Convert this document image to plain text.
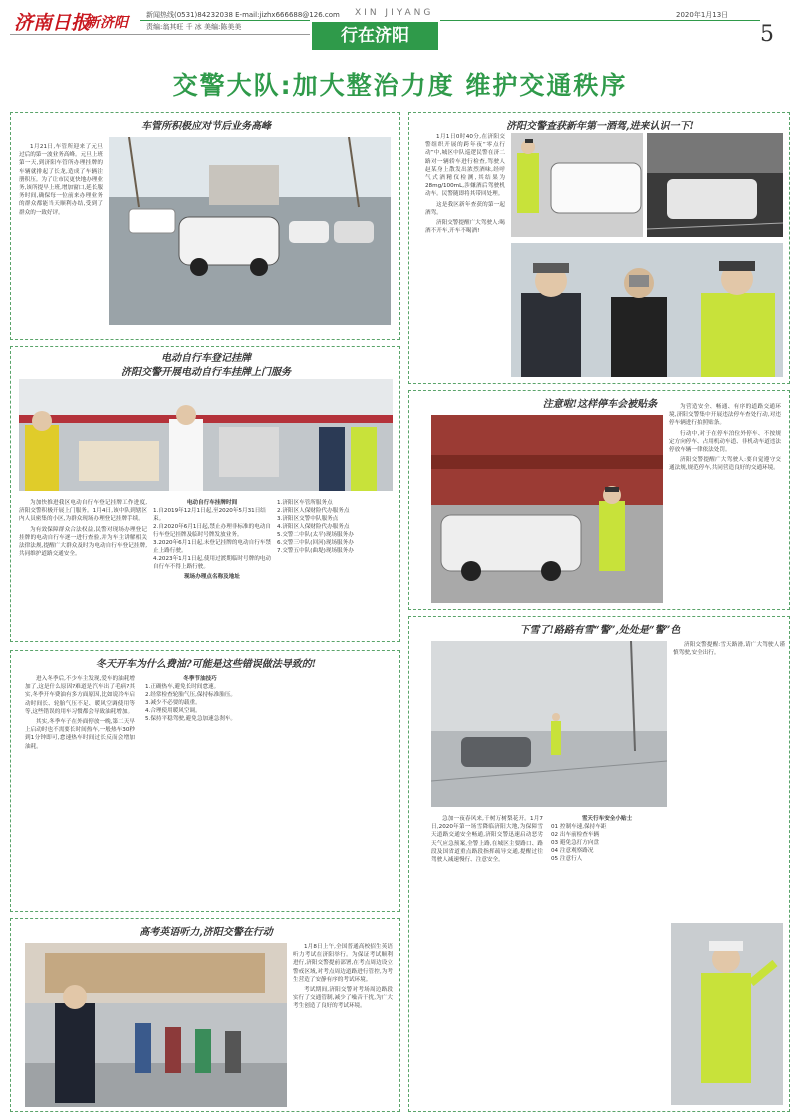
济南日报
新济阳	新闻热线(0531)84232038 E-mail:jizhx666688@126.com
责编:翁其旺 千 冰 美编:陈美美
XIN JIYANG	2020年1月13日
5
行在济阳
交警大队:加大整治力度 维护交通秩序
车管所积极应对节后业务高峰

1月21日,车管所迎来了元旦过后的第一波业务高峰。元旦上班第一天,到济阳车管所办理挂牌的车辆就排起了长龙,造成了车辆注册积压。为了让市民更快地办理业务,该所提早上班,增加窗口,延长服务时间,确保每一位前来办理业务的群众都能当天顺利办结,受到了群众的一致好评。

济阳交警查获新年第一酒驾,进来认识一下!

1月1日0时40分,在济阳交警组织开展的跨年夜“零点行动”中,城区中队巡逻民警在济二路对一辆轿车进行检查,驾驶人赵某身上散发出浓烈酒味,经呼气式酒精仪检测,其结果为28mg/100mL,涉嫌酒后驾驶机动车。民警随即将其带回处理。

这是我区新年查获的第一起酒驾。

济阳交警提醒广大驾驶人:喝酒不开车,开车不喝酒!

电动自行车登记挂牌
济阳交警开展电动自行车挂牌上门服务

为加快推进我区电动自行车登记挂牌工作进度,济阳交警积极开展上门服务。1月4日,该中队到辖区内人员密集的小区,为群众现场办理登记挂牌手续。

为有效保障群众合法权益,民警对现场办理登记挂牌的电动自行车逐一进行查验,并为车主讲解相关法律法规,提醒广大群众及时为电动自行车登记挂牌,共同维护道路交通安全。

电动自行车挂牌时间
1.自2019年12月1日起,至2020年5月31日结束。
2.自2020年6月1日起,禁止办理非标准的电动自行车登记挂牌及临时号牌发放业务。
3.2020年6月1日起,未登记挂牌的电动自行车禁止上路行驶。
4.2023年1月1日起,使用过渡期临时号牌的电动自行车不得上路行驶。
现场办理点名称及地址
1.济阳区车管所服务点
2.济阳区人保财险代办服务点
3.济阳区交警中队服务点
4.济阳区人保财险代办服务点
5.交警二中队(太平)现场服务办
6.交警三中队(回河)现场服务办
7.交警五中队(曲堤)现场服务办
注意啦!这样停车会被贴条	为营造安全、畅通、有序的道路交通环境,济阳交警集中开展违法停车查处行动,对违停车辆进行拍照贴条。

行动中,对于在停车泊位外停车、不按规定方向停车、占用机动车道、非机动车道违法停放车辆一律依法处罚。

济阳交警提醒广大驾驶人:要自觉遵守交通法规,规范停车,共同营造良好的交通环境。

冬天开车为什么费油?可能是这些错误做法导致的!

进入冬季后,不少车主发现,爱车的油耗增加了,这是什么原因?难道是汽车出了毛病?其实,冬季开车费油有多方面原因,比如说冷车启动时间长、轮胎气压不足、暖风空调使用等等,这些错误的用车习惯都会导致油耗增加。

其实,冬季车子在外面停放一晚,第二天早上启动时也不需要长时间热车,一般热车30秒到1分钟即可,怠速热车时间过长反而会增加油耗。

冬季节油技巧
1.正确热车,避免长时间怠速。
2.经常检查轮胎气压,保持标准胎压。
3.减少不必要的载重。
4.合理使用暖风空调。
5.保持平稳驾驶,避免急加速急刹车。
下雪了!路路有雪“警”,处处是“警”色

济阳交警提醒:雪天路滑,请广大驾驶人谨慎驾驶,安全出行。

急加一夜春风来,千树万树梨花开。1月7日,2020年第一场雪降临济阳大地,为保障雪天道路交通安全畅通,济阳交警迅速启动恶劣天气应急预案,全警上路,在城区主要路口、路段及国省道重点路段指挥疏导交通,提醒过往驾驶人减速慢行、注意安全。

雪天行车安全小贴士
01 控制车速,保持车距
02 出车前检查车辆
03 避免急打方向盘
04 注意观察路况
05 注意行人
高考英语听力,济阳交警在行动

1月8日上午,全国普通高校招生英语听力考试在济阳举行。为保证考试顺利进行,济阳交警提前部署,在考点周边设立警戒区域,对考点周边道路进行管控,为考生营造了安静有序的考试环境。

考试期间,济阳交警对考场周边路段实行了交通管制,减少了噪音干扰,为广大考生创造了良好的考试环境。
